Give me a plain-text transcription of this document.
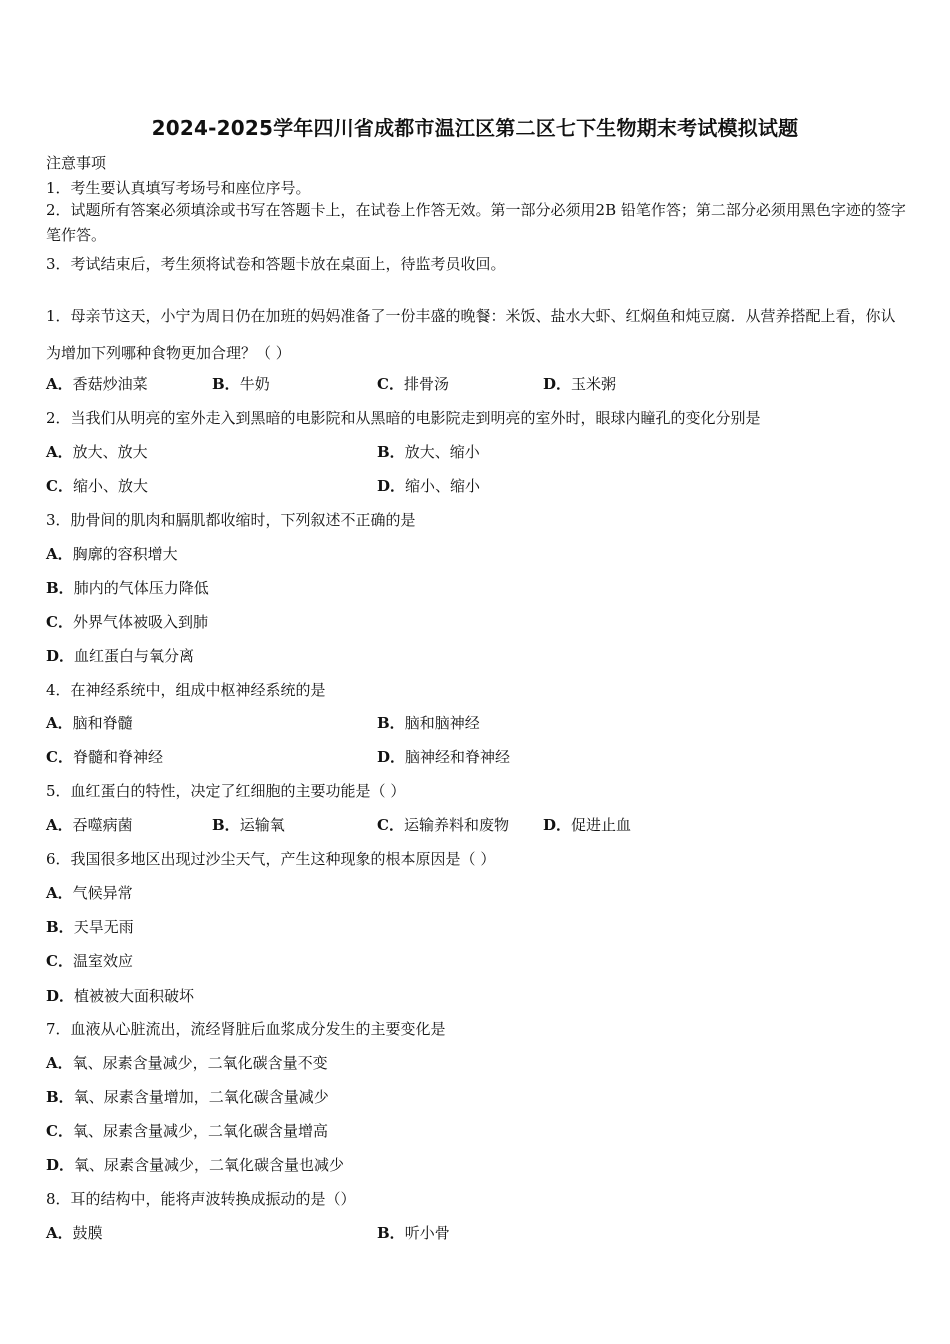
2024-2025学年四川省成都市温江区第二区七下生物期末考试模拟试题
注意事项
1．考生要认真填写考场号和座位序号。
2．试题所有答案必须填涂或书写在答题卡上，在试卷上作答无效。第一部分必须用2B 铅笔作答；第二部分必须用黑色字迹的签字笔作答。
3．考试结束后，考生须将试卷和答题卡放在桌面上，待监考员收回。
1．母亲节这天，小宁为周日仍在加班的妈妈准备了一份丰盛的晚餐：米饭、盐水大虾、红焖鱼和炖豆腐．从营养搭配上看，你认为增加下列哪种食物更加合理？（ ）
A．香菇炒油菜	B．牛奶	C．排骨汤	D．玉米粥
2．当我们从明亮的室外走入到黑暗的电影院和从黑暗的电影院走到明亮的室外时，眼球内瞳孔的变化分别是
A．放大、放大	B．放大、缩小
C．缩小、放大	D．缩小、缩小
3．肋骨间的肌肉和膈肌都收缩时，下列叙述不正确的是
A．胸廓的容积增大
B．肺内的气体压力降低
C．外界气体被吸入到肺
D．血红蛋白与氧分离
4．在神经系统中，组成中枢神经系统的是
A．脑和脊髓	B．脑和脑神经
C．脊髓和脊神经	D．脑神经和脊神经
5．血红蛋白的特性，决定了红细胞的主要功能是（ ）
A．吞噬病菌	B．运输氧	C．运输养料和废物 D．促进止血
6．我国很多地区出现过沙尘天气，产生这种现象的根本原因是（ ）
A．气候异常
B．天旱无雨
C．温室效应
D．植被被大面积破坏
7．血液从心脏流出，流经肾脏后血浆成分发生的主要变化是
A．氧、尿素含量减少，二氧化碳含量不变
B．氧、尿素含量增加，二氧化碳含量减少
C．氧、尿素含量减少，二氧化碳含量增高
D．氧、尿素含量减少，二氧化碳含量也减少
8．耳的结构中，能将声波转换成振动的是（）
A．鼓膜	B．听小骨
